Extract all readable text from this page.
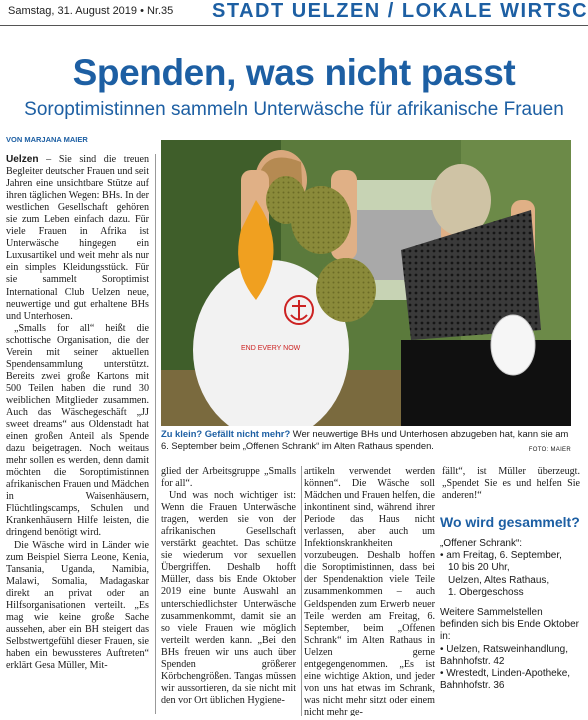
Samstag, 31. August 2019 • Nr.35 STADT UELZEN / LOKALE WIRTSC
Spenden, was nicht passt
Soroptimistinnen sammeln Unterwäsche für afrikanische Frauen
VON MARJANA MAIER

Uelzen – Sie sind die treuen Begleiter deutscher Frauen und seit Jahren eine unsichtbare Stütze auf ihren täglichen Wegen: BHs. In der westlichen Gesellschaft gehören sie zum Leben einfach dazu. Für viele Frauen in Afrika ist Unterwäsche hingegen ein Luxusartikel und weit mehr als nur ein simples Kleidungsstück. Für sie sammelt Soroptimist International Club Uelzen neue, neuwertige und gut erhaltene BHs und Unterhosen.

„Smalls for all“ heißt die schottische Organisation, die der Verein mit seiner aktuellen Spendensammlung unterstützt. Bereits zwei große Kartons mit 500 Teilen haben die rund 30 weiblichen Mitglieder zusammen. Auch das Wäschegeschäft „JJ sweet dreams“ aus Oldenstadt hat einen großen Anteil als Spende dazu beigetragen. Noch weitaus mehr sollen es werden, denn damit möchten die Soroptimistinnen afrikanischen Frauen und Mädchen in Waisenhäusern, Flüchtlingscamps, Schulen und Krankenhäusern Hilfe leisten, die dringend benötigt wird.

Die Wäsche wird in Länder wie zum Beispiel Sierra Leone, Kenia, Tansania, Uganda, Namibia, Malawi, Somalia, Madagaskar direkt an privat oder an Hilfsorganisationen verteilt. „Es mag wie keine große Sache aussehen, aber ein BH steigert das Selbstwertgefühl dieser Frauen, sie haben ein bewussteres Auftreten“ erklärt Gesa Müller, Mit-

END EVERY NOW
Zu klein? Gefällt nicht mehr? Wer neuwertige BHs und Unterhosen abzugeben hat, kann sie am 6. September beim „Offenen Schrank“ im Alten Rathaus spenden.	FOTO: MAIER

glied der Arbeitsgruppe „Smalls for all“.

Und was noch wichtiger ist: Wenn die Frauen Unterwäsche tragen, werden sie von der afrikanischen Gesellschaft verstärkt geachtet. Das schütze sie wiederum vor sexuellen Übergriffen. Deshalb hofft Müller, dass bis Ende Oktober 2019 eine bunte Auswahl an unterschiedlichster Unterwäsche zusammenkommt, damit sie an so viele Frauen wie möglich verteilt werden kann. „Bei den BHs freuen wir uns auch über Spenden größerer Körbchengrößen. Tangas müssen wir aussortieren, da sie nicht mit den vor Ort üblichen Hygiene-

artikeln verwendet werden können“. Die Wäsche soll Mädchen und Frauen helfen, die inkontinent sind, während ihrer Periode das Haus nicht verlassen, aber auch um Infektionskrankheiten vorzubeugen. Deshalb hoffen die Soroptimistinnen, dass bei der Spendenaktion viele Teile zusammenkommen – auch Geldspenden zum Erwerb neuer Teile werden am Freitag, 6. September, beim „Offenen Schrank“ im Alten Rathaus in Uelzen gerne entgegengenommen. „Es ist eine wichtige Aktion, und jeder von uns hat etwas im Schrank, was nicht mehr sitzt oder einem nicht mehr ge-

fällt“, ist Müller überzeugt. „Spendet Sie es und helfen Sie anderen!“

Wo wird gesammelt?
„Offener Schrank“:
• am Freitag, 6. September,
10 bis 20 Uhr,
Uelzen, Altes Rathaus,
1. Obergeschoss
Weitere Sammelstellen befinden sich bis Ende Oktober in:
• Uelzen, Ratsweinhandlung, Bahnhofstr. 42
• Wrestedt, Linden-Apotheke, Bahnhofstr. 36
